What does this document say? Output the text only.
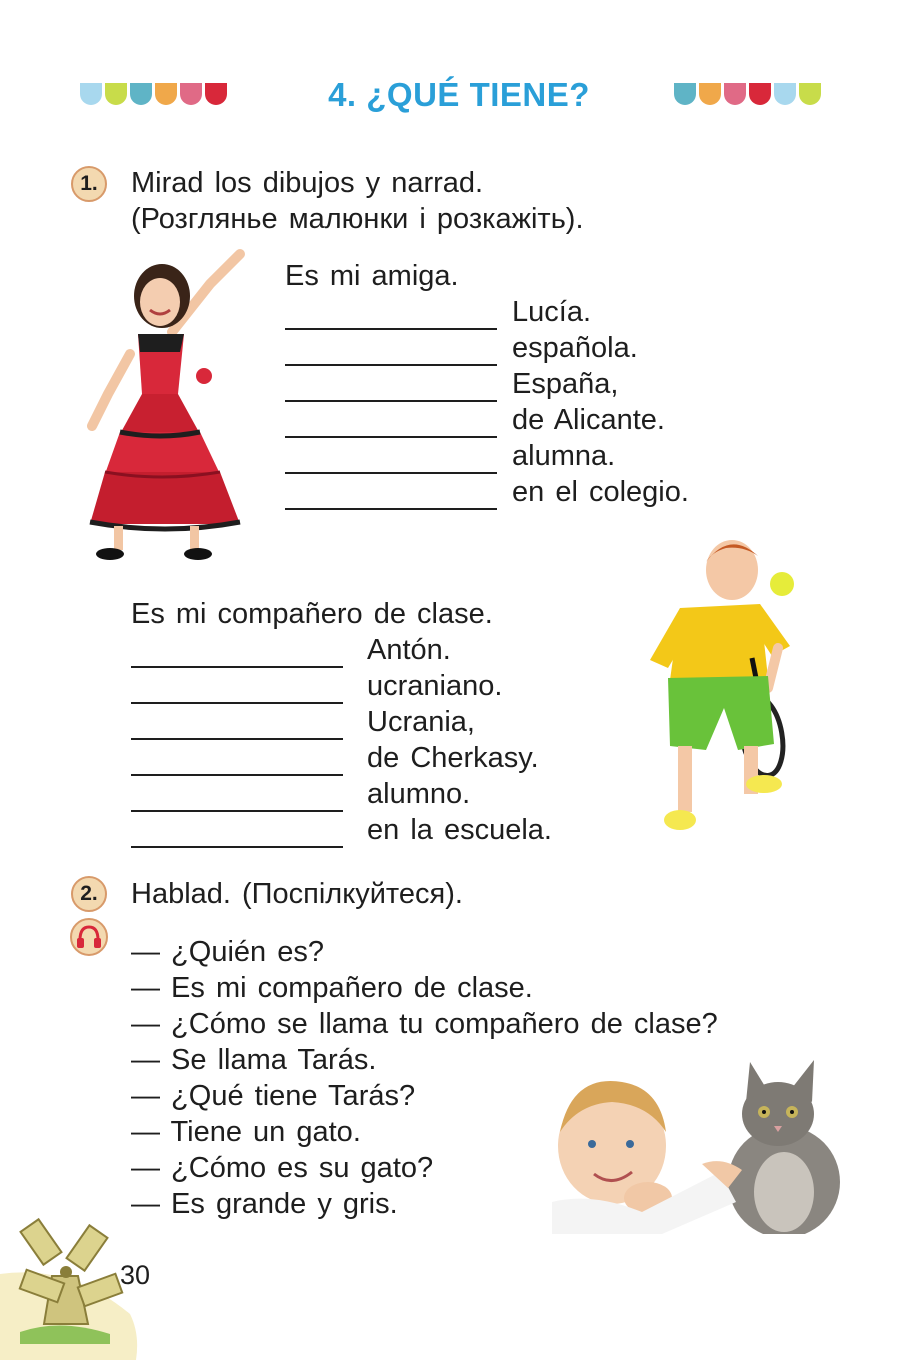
4. ¿QUÉ TIENE?
1.	Mirad los dibujos y narrad.
(Розгляньe малюнки і розкажіть).
Es mi amiga.
Lucía.
española.
España,
de Alicante.
alumna.
en el colegio.
Es mi compañero de clase.
Antón.
ucraniano.
Ucrania,
de Cherkasy.
alumno.
en la escuela.
2.	Hablad. (Поспілкуйтеся).
— ¿Quién es?
— Es mi compañero de clase.
— ¿Cómo se llama tu compañero de clase?
— Se llama Tarás.
— ¿Qué tiene Tarás?
— Tiene un gato.
— ¿Cómo es su gato?
— Es grande y gris.
30
